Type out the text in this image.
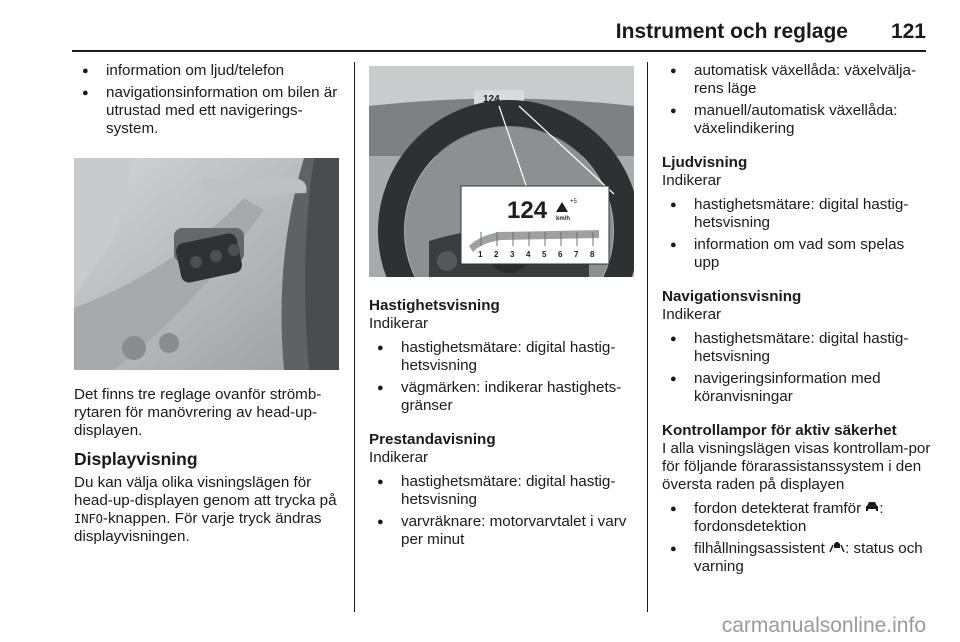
Instrument och reglage 121
● information om ljud/telefon
● navigationsinformation om bilen är utrustad med ett navigerings-system.

Det finns tre reglage ovanför strömb-rytaren för manövrering av head-up-displayen.

Displayvisning

Du kan välja olika visningslägen för head-up-displayen genom att trycka på INFO-knappen. För varje tryck ändras displayvisningen.

124
124	+5
km/h
1 2 3 4 5 6 7 8
Hastighetsvisning
Indikerar
● hastighetsmätare: digital hastig-hetsvisning
● vägmärken: indikerar hastighets-gränser
Prestandavisning
Indikerar
● hastighetsmätare: digital hastig-hetsvisning
● varvräknare: motorvarvtalet i varv per minut
● automatisk växellåda: växelvälja-rens läge
● manuell/automatisk växellåda: växelindikering
Ljudvisning
Indikerar
● hastighetsmätare: digital hastig-hetsvisning
● information om vad som spelas upp
Navigationsvisning
Indikerar
● hastighetsmätare: digital hastig-hetsvisning
● navigeringsinformation med köranvisningar
Kontrollampor för aktiv säkerhet
I alla visningslägen visas kontrollam-por för följande förarassistanssystem i den översta raden på displayen
● fordon detekterat framför : fordonsdetektion
● filhållningsassistent : status och varning
carmanualsonline.info
